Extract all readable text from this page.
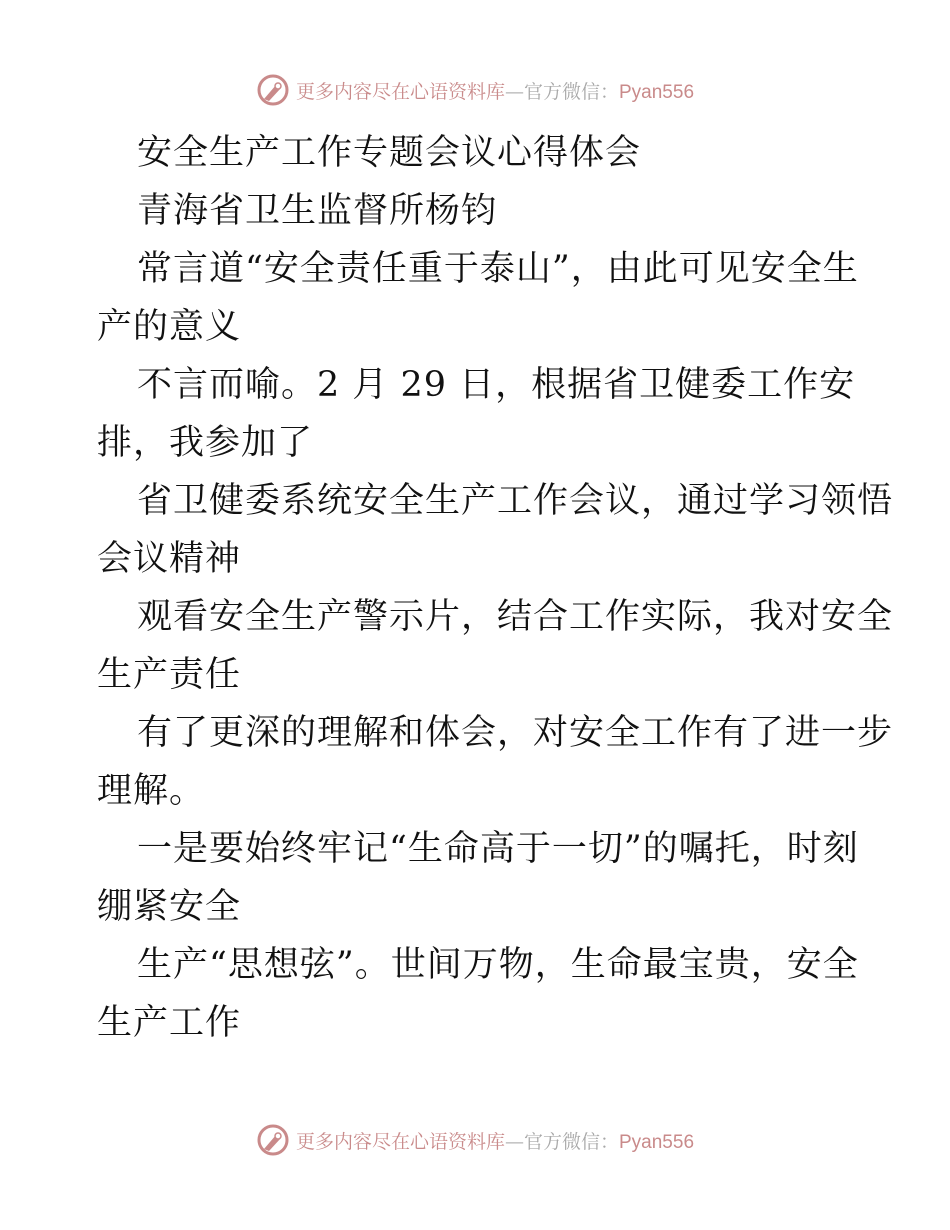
更多内容尽在心语资料库—官方微信：Pyan556
安全生产工作专题会议心得体会
青海省卫生监督所杨钧
常言道“安全责任重于泰山”，由此可见安全生
产的意义
不言而喻。2 月 29 日，根据省卫健委工作安
排，我参加了
省卫健委系统安全生产工作会议，通过学习领悟
会议精神
观看安全生产警示片，结合工作实际，我对安全
生产责任
有了更深的理解和体会，对安全工作有了进一步
理解。
一是要始终牢记“生命高于一切”的嘱托，时刻
绷紧安全
生产“思想弦”。世间万物，生命最宝贵，安全
生产工作
更多内容尽在心语资料库—官方微信：Pyan556
